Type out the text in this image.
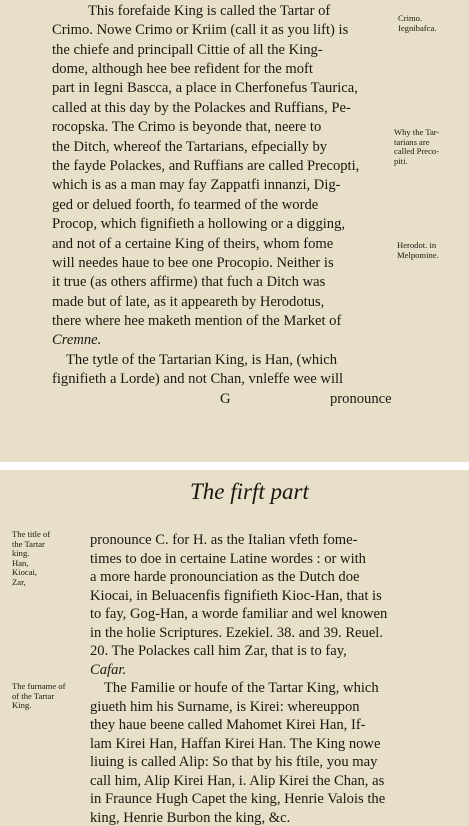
This forefaide King is called the Tartar of
Crimo. Nowe Crimo or Kriim (call it as you lift) is
the chiefe and principall Cittie of all the King-
dome, although hee bee refident for the moft
part in Iegni Bascca, a place in Cherfonefus Taurica,
called at this day by the Polackes and Ruffians, Pe-
rocopska. The Crimo is beyonde that, neere to
the Ditch, whereof the Tartarians, efpecially by
the fayde Polackes, and Ruffians are called Precopti,
which is as a man may fay Zappatfi innanzi, Dig-
ged or delued foorth, fo tearmed of the worde
Procop, which fignifieth a hollowing or a digging,
and not of a certaine King of theirs, whom fome
will needes haue to bee one Procopio. Neither is
it true (as others affirme) that fuch a Ditch was
made but of late, as it appeareth by Herodotus,
there where hee maketh mention of the Market of
Cremne.
The tytle of the Tartarian King, is Han, (which
fignifieth a Lorde) and not Chan, vnleffe wee will
G	pronounce
Crimo.
Iegnibafca.
Why the Tar-
tarians are
called Preco-
piti.
Herodot. in
Melpomine.
The firft part
pronounce C. for H. as the Italian vfeth fome-
times to doe in certaine Latine wordes : or with
a more harde pronounciation as the Dutch doe
Kiocai, in Beluacenfis fignifieth Kioc-Han, that is
to fay, Gog-Han, a worde familiar and wel knowen
in the holie Scriptures. Ezekiel. 38. and 39. Reuel.
20. The Polackes call him Zar, that is to fay,
Cafar.
The Familie or houfe of the Tartar King, which
giueth him his Surname, is Kirei: whereuppon
they haue beene called Mahomet Kirei Han, If-
lam Kirei Han, Haffan Kirei Han. The King nowe
liuing is called Alip: So that by his ftile, you may
call him, Alip Kirei Han, i. Alip Kirei the Chan, as
in Fraunce Hugh Capet the king, Henrie Valois the
king, Henrie Burbon the king, &c.
The title of
the Tartar
king.
Han,
Kiocai,
Zar,
The furname of
of the Tartar
King.
